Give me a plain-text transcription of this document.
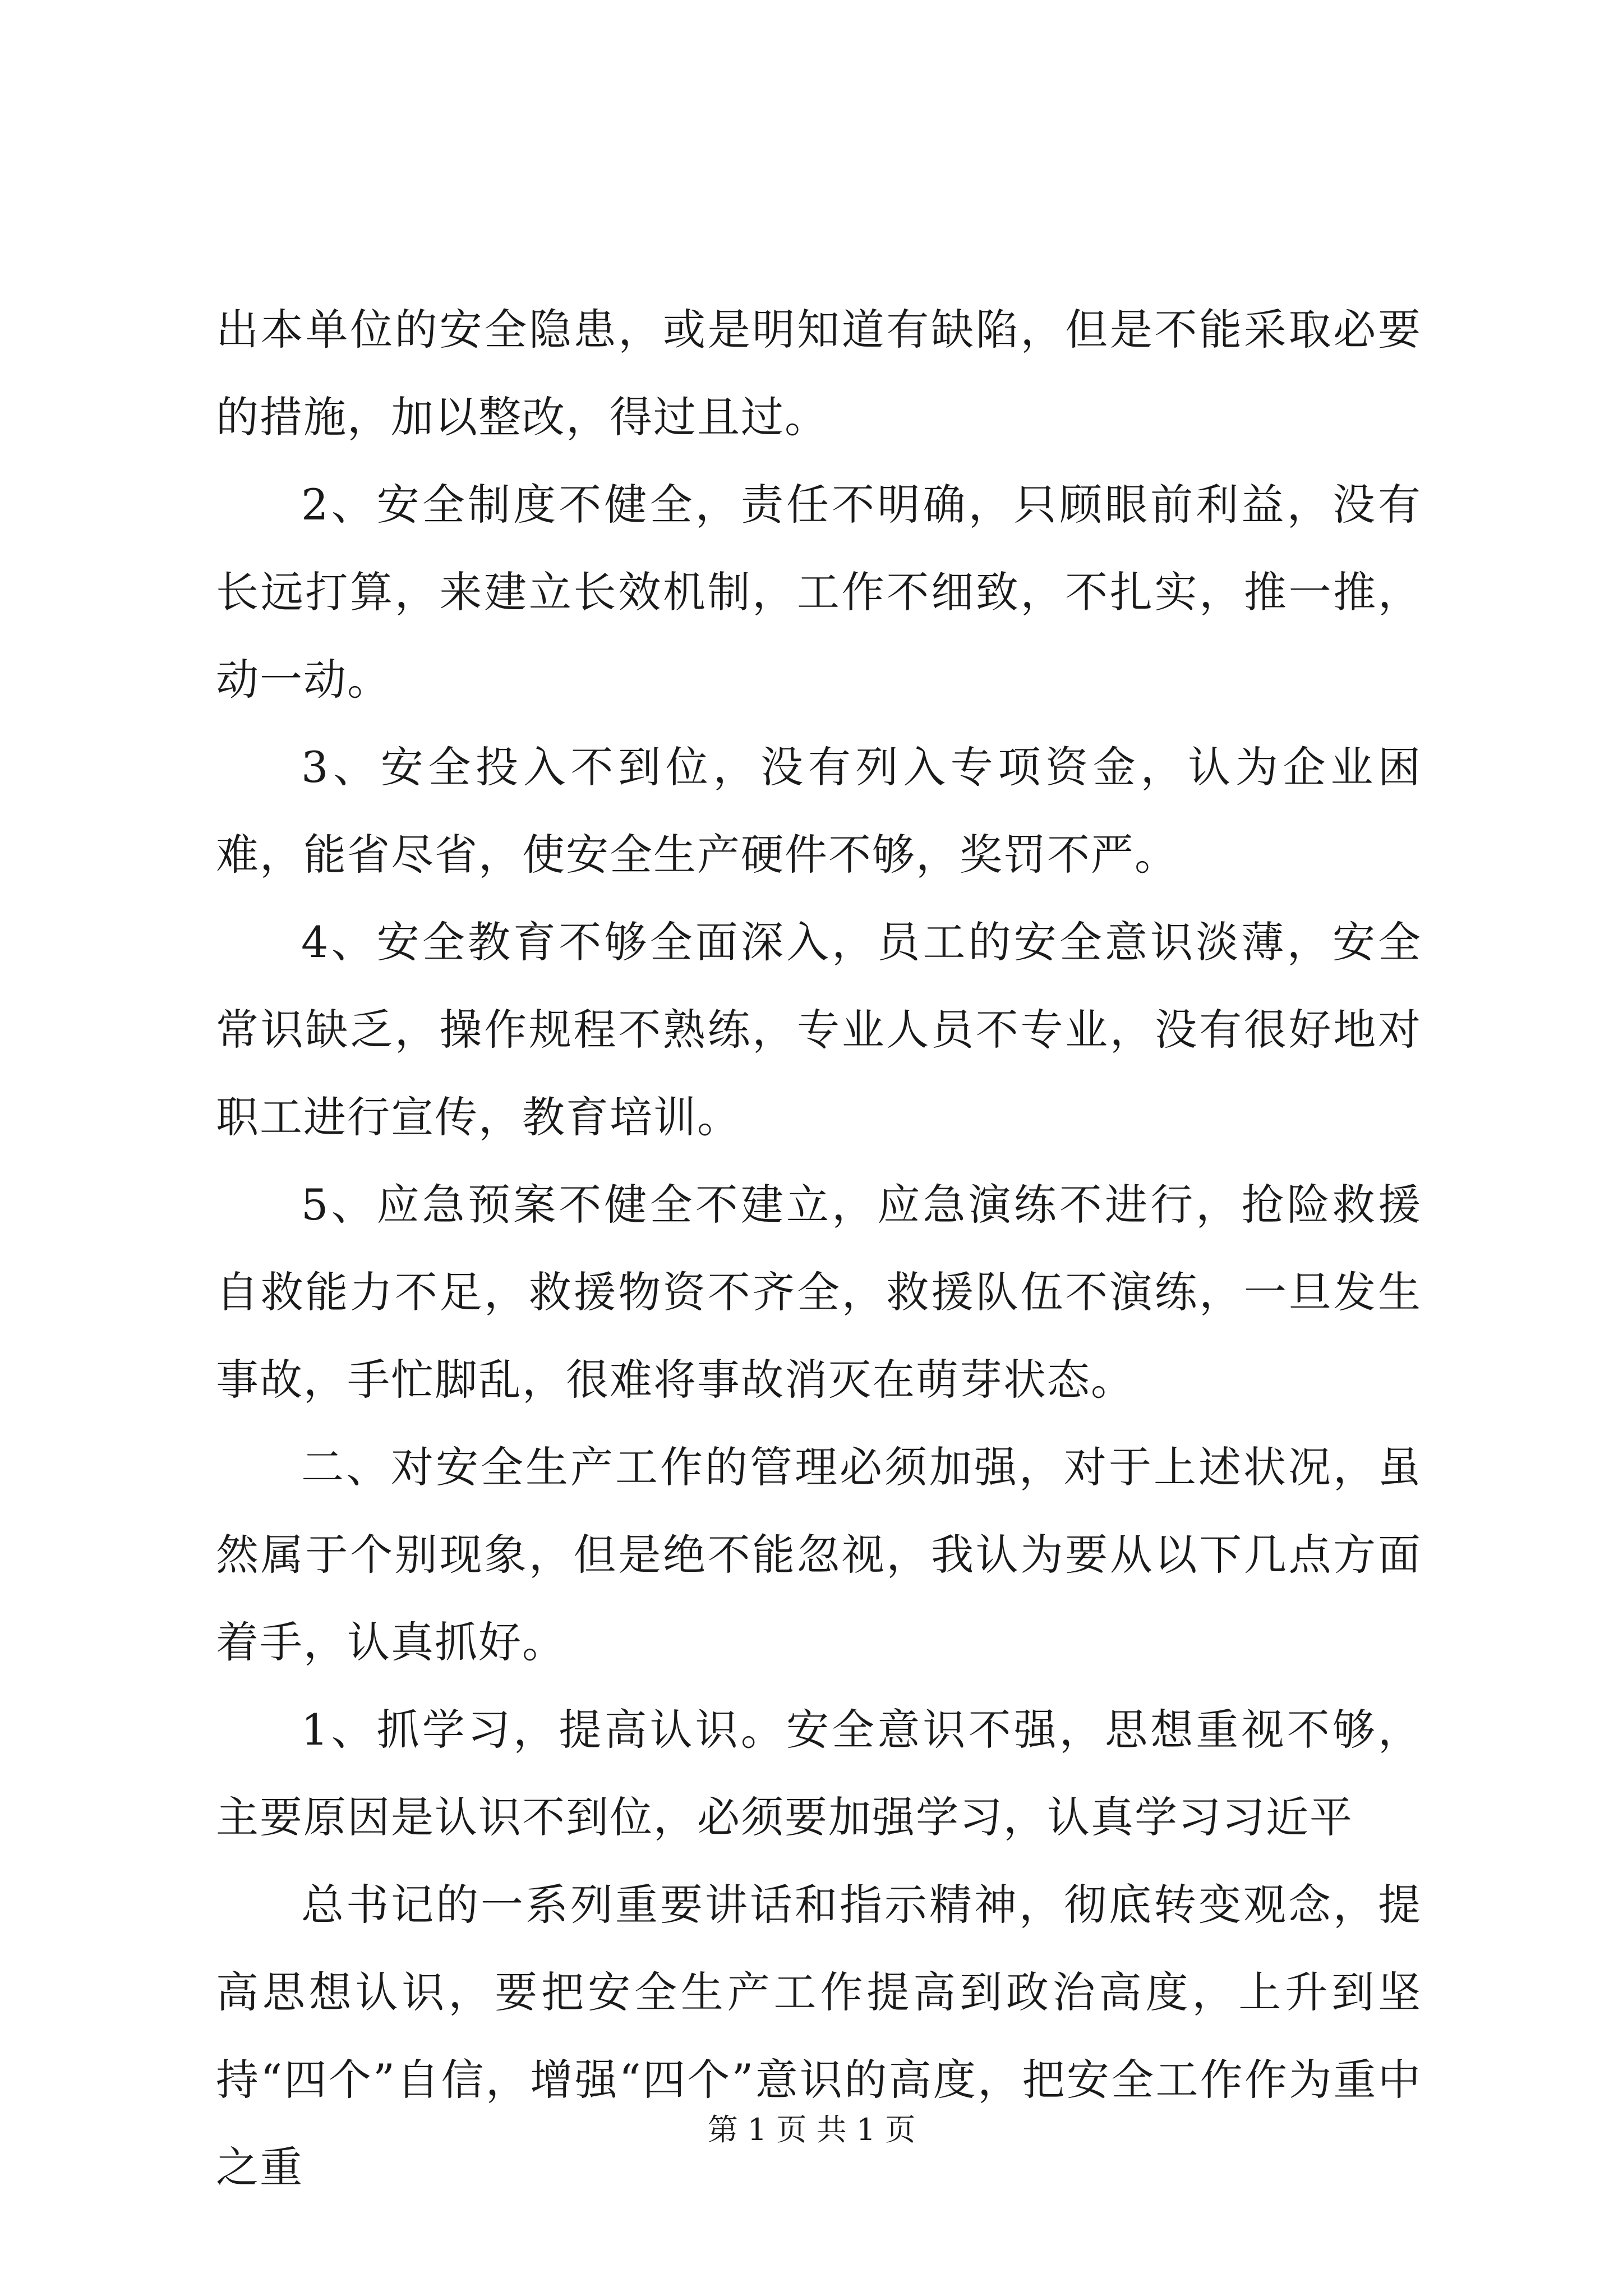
出本单位的安全隐患，或是明知道有缺陷，但是不能采取必要的措施，加以整改，得过且过。

2、安全制度不健全，责任不明确，只顾眼前利益，没有长远打算，来建立长效机制，工作不细致，不扎实，推一推，动一动。

3、安全投入不到位，没有列入专项资金，认为企业困难，能省尽省，使安全生产硬件不够，奖罚不严。

4、安全教育不够全面深入，员工的安全意识淡薄，安全常识缺乏，操作规程不熟练，专业人员不专业，没有很好地对职工进行宣传，教育培训。

5、应急预案不健全不建立，应急演练不进行，抢险救援自救能力不足，救援物资不齐全，救援队伍不演练，一旦发生事故，手忙脚乱，很难将事故消灭在萌芽状态。

二、对安全生产工作的管理必须加强，对于上述状况，虽然属于个别现象，但是绝不能忽视，我认为要从以下几点方面着手，认真抓好。

1、抓学习，提高认识。安全意识不强，思想重视不够，主要原因是认识不到位，必须要加强学习，认真学习习近平

总书记的一系列重要讲话和指示精神，彻底转变观念，提高思想认识，要把安全生产工作提高到政治高度，上升到坚持“四个”自信，增强“四个”意识的高度，把安全工作作为重中之重

第 1 页 共 1 页
